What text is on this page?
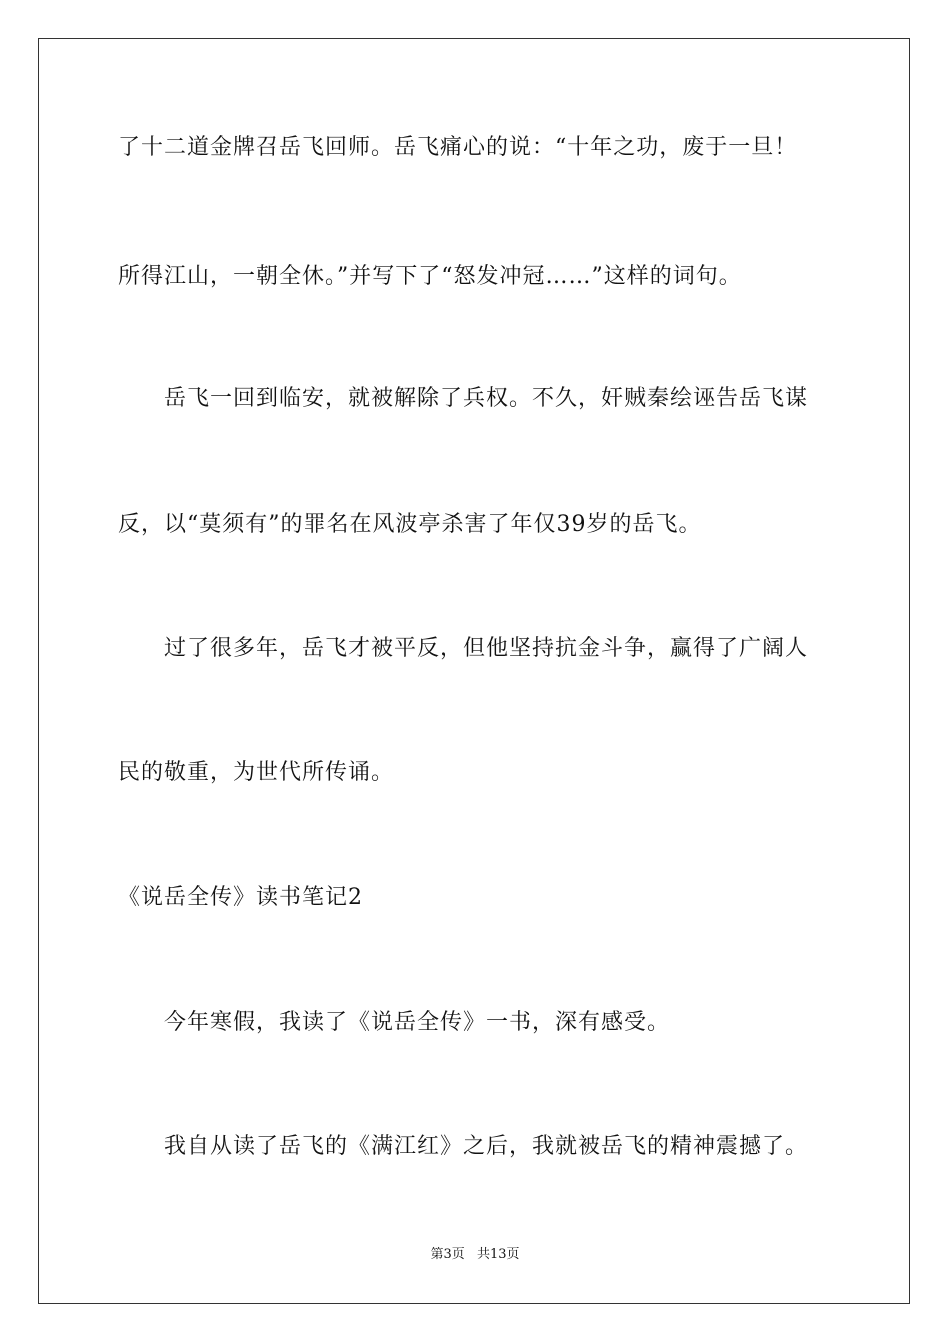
了十二道金牌召岳飞回师。岳飞痛心的说：“十年之功，废于一旦！
所得江山，一朝全休。”并写下了“怒发冲冠……”这样的词句。
岳飞一回到临安，就被解除了兵权。不久，奸贼秦绘诬告岳飞谋
反，以“莫须有”的罪名在风波亭杀害了年仅39岁的岳飞。
过了很多年，岳飞才被平反，但他坚持抗金斗争，赢得了广阔人
民的敬重，为世代所传诵。
《说岳全传》读书笔记2
今年寒假，我读了《说岳全传》一书，深有感受。
我自从读了岳飞的《满江红》之后，我就被岳飞的精神震撼了。
第3页 共13页
